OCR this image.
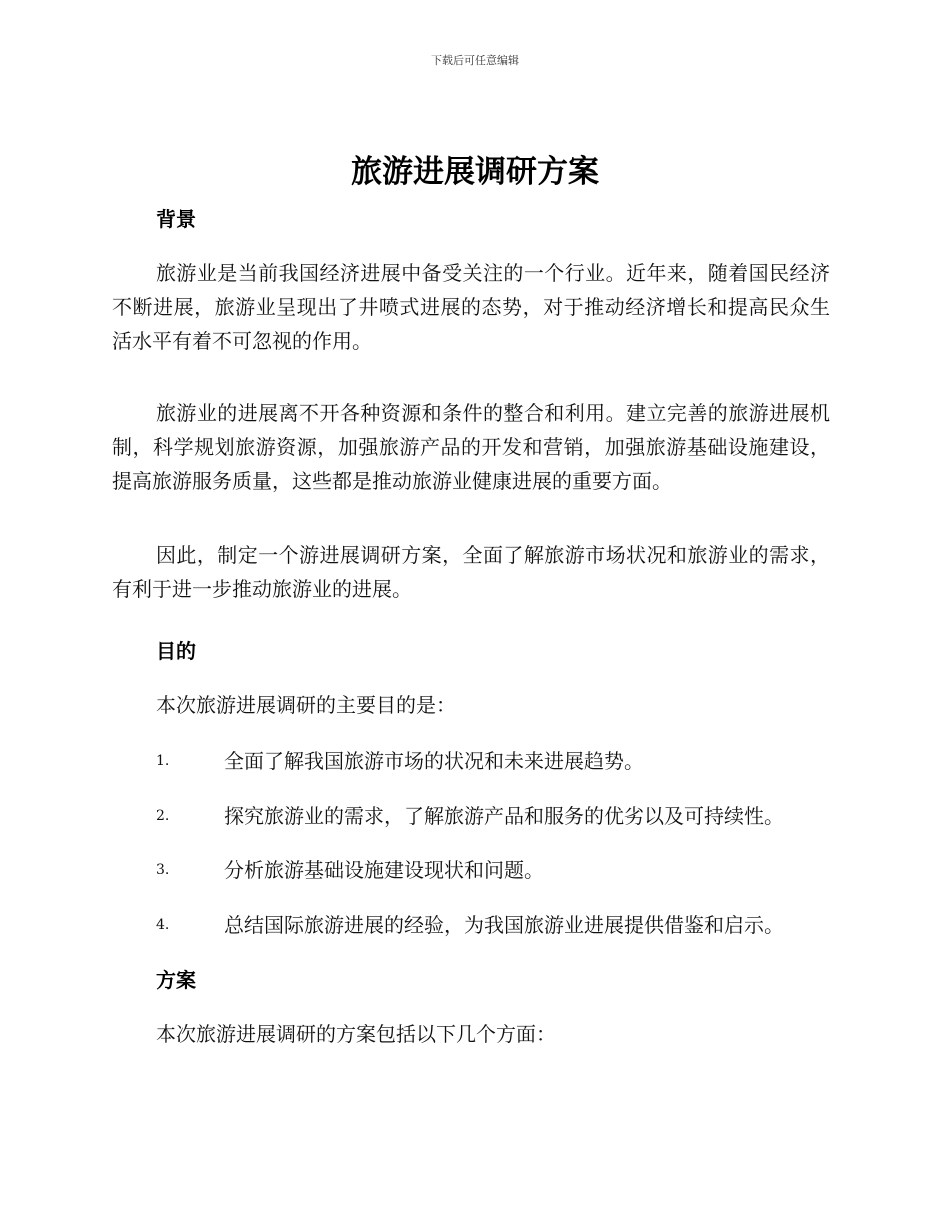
下载后可任意编辑
旅游进展调研方案
背景

旅游业是当前我国经济进展中备受关注的一个行业。近年来，随着国民经济不断进展，旅游业呈现出了井喷式进展的态势，对于推动经济增长和提高民众生活水平有着不可忽视的作用。

旅游业的进展离不开各种资源和条件的整合和利用。建立完善的旅游进展机制，科学规划旅游资源，加强旅游产品的开发和营销，加强旅游基础设施建设，提高旅游服务质量，这些都是推动旅游业健康进展的重要方面。

因此，制定一个游进展调研方案，全面了解旅游市场状况和旅游业的需求，有利于进一步推动旅游业的进展。

目的
本次旅游进展调研的主要目的是：
1.	全面了解我国旅游市场的状况和未来进展趋势。
2.	探究旅游业的需求，了解旅游产品和服务的优劣以及可持续性。
3.	分析旅游基础设施建设现状和问题。
4.	总结国际旅游进展的经验，为我国旅游业进展提供借鉴和启示。
方案
本次旅游进展调研的方案包括以下几个方面：
